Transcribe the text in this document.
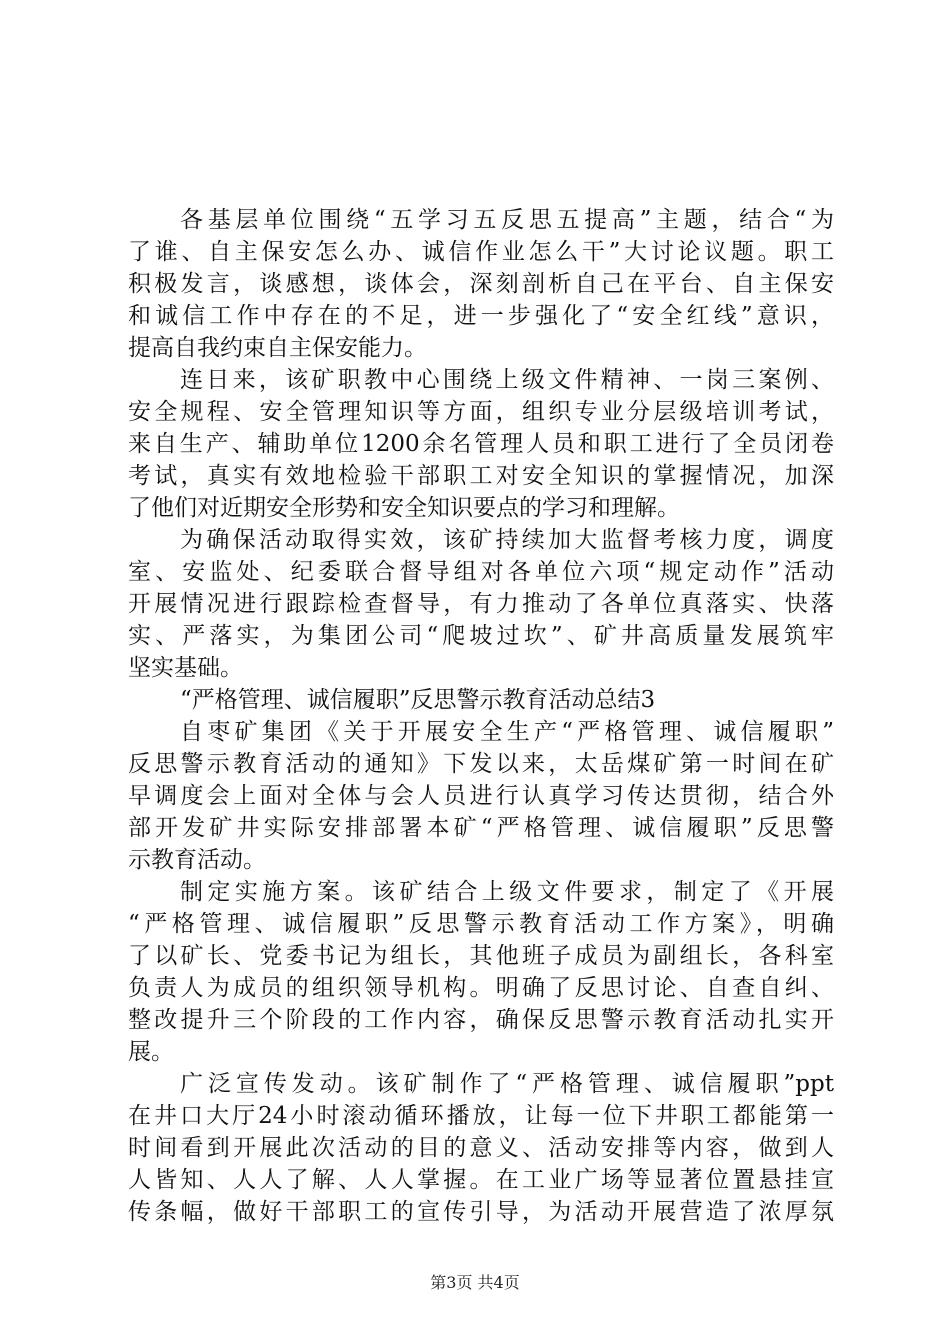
各基层单位围绕“五学习五反思五提高”主题，结合“为
了谁、自主保安怎么办、诚信作业怎么干”大讨论议题。职工
积极发言，谈感想，谈体会，深刻剖析自己在平台、自主保安
和诚信工作中存在的不足，进一步强化了“安全红线”意识，
提高自我约束自主保安能力。
连日来，该矿职教中心围绕上级文件精神、一岗三案例、
安全规程、安全管理知识等方面，组织专业分层级培训考试，
来自生产、辅助单位1200余名管理人员和职工进行了全员闭卷
考试，真实有效地检验干部职工对安全知识的掌握情况，加深
了他们对近期安全形势和安全知识要点的学习和理解。
为确保活动取得实效，该矿持续加大监督考核力度，调度
室、安监处、纪委联合督导组对各单位六项“规定动作”活动
开展情况进行跟踪检查督导，有力推动了各单位真落实、快落
实、严落实，为集团公司“爬坡过坎”、矿井高质量发展筑牢
坚实基础。
“严格管理、诚信履职”反思警示教育活动总结3
自枣矿集团《关于开展安全生产“严格管理、诚信履职”
反思警示教育活动的通知》下发以来，太岳煤矿第一时间在矿
早调度会上面对全体与会人员进行认真学习传达贯彻，结合外
部开发矿井实际安排部署本矿“严格管理、诚信履职”反思警
示教育活动。
制定实施方案。该矿结合上级文件要求，制定了《开展
“严格管理、诚信履职”反思警示教育活动工作方案》，明确
了以矿长、党委书记为组长，其他班子成员为副组长，各科室
负责人为成员的组织领导机构。明确了反思讨论、自查自纠、
整改提升三个阶段的工作内容，确保反思警示教育活动扎实开
展。
广泛宣传发动。该矿制作了“严格管理、诚信履职”ppt
在井口大厅24小时滚动循环播放，让每一位下井职工都能第一
时间看到开展此次活动的目的意义、活动安排等内容，做到人
人皆知、人人了解、人人掌握。在工业广场等显著位置悬挂宣
传条幅，做好干部职工的宣传引导，为活动开展营造了浓厚氛
第3页 共4页
